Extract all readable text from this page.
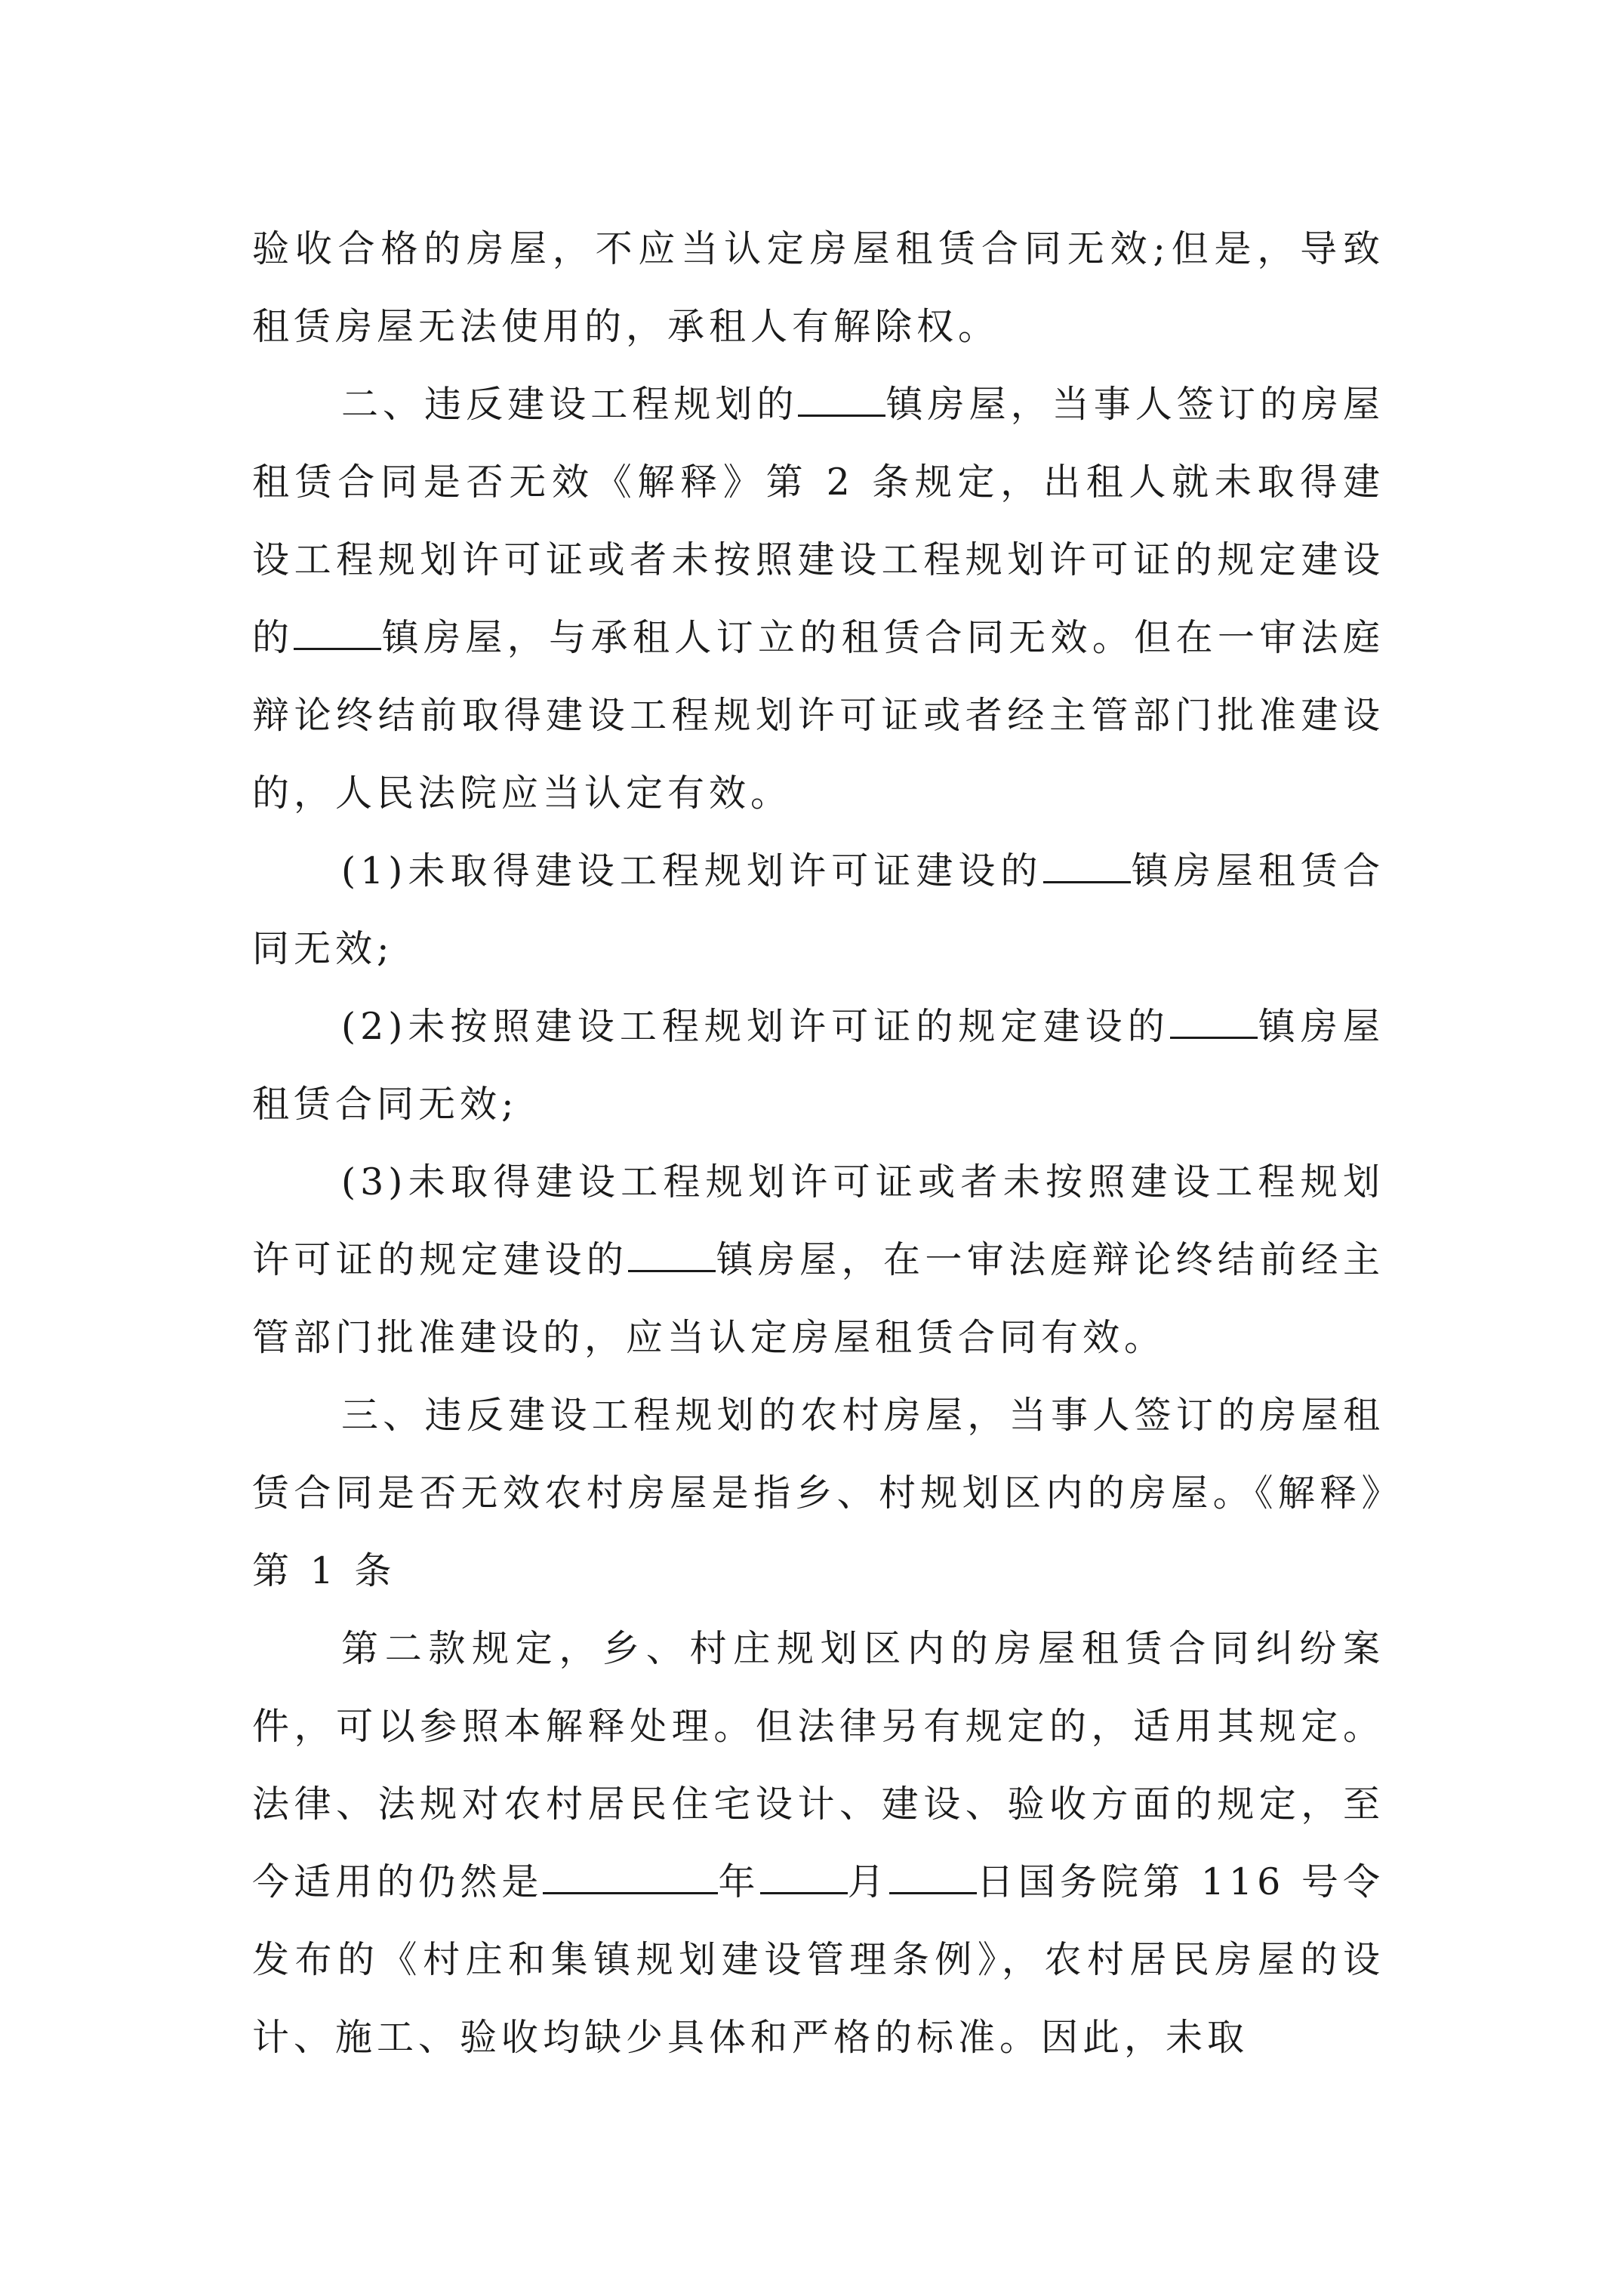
验收合格的房屋，不应当认定房屋租赁合同无效;但是，导致租赁房屋无法使用的，承租人有解除权。

二、违反建设工程规划的 镇房屋，当事人签订的房屋租赁合同是否无效《解释》第 2 条规定，出租人就未取得建设工程规划许可证或者未按照建设工程规划许可证的规定建设的 镇房屋，与承租人订立的租赁合同无效。但在一审法庭辩论终结前取得建设工程规划许可证或者经主管部门批准建设的，人民法院应当认定有效。

(1)未取得建设工程规划许可证建设的 镇房屋租赁合同无效;

(2)未按照建设工程规划许可证的规定建设的 镇房屋租赁合同无效;

(3)未取得建设工程规划许可证或者未按照建设工程规划许可证的规定建设的 镇房屋，在一审法庭辩论终结前经主管部门批准建设的，应当认定房屋租赁合同有效。

三、违反建设工程规划的农村房屋，当事人签订的房屋租赁合同是否无效农村房屋是指乡、村规划区内的房屋。《解释》第 1 条

第二款规定，乡、村庄规划区内的房屋租赁合同纠纷案件，可以参照本解释处理。但法律另有规定的，适用其规定。法律、法规对农村居民住宅设计、建设、验收方面的规定，至今适用的仍然是	年 月 日国务院第 116 号令发布的《村庄和集镇规划建设管理条例》，农村居民房屋的设计、施工、验收均缺少具体和严格的标准。因此，未取
